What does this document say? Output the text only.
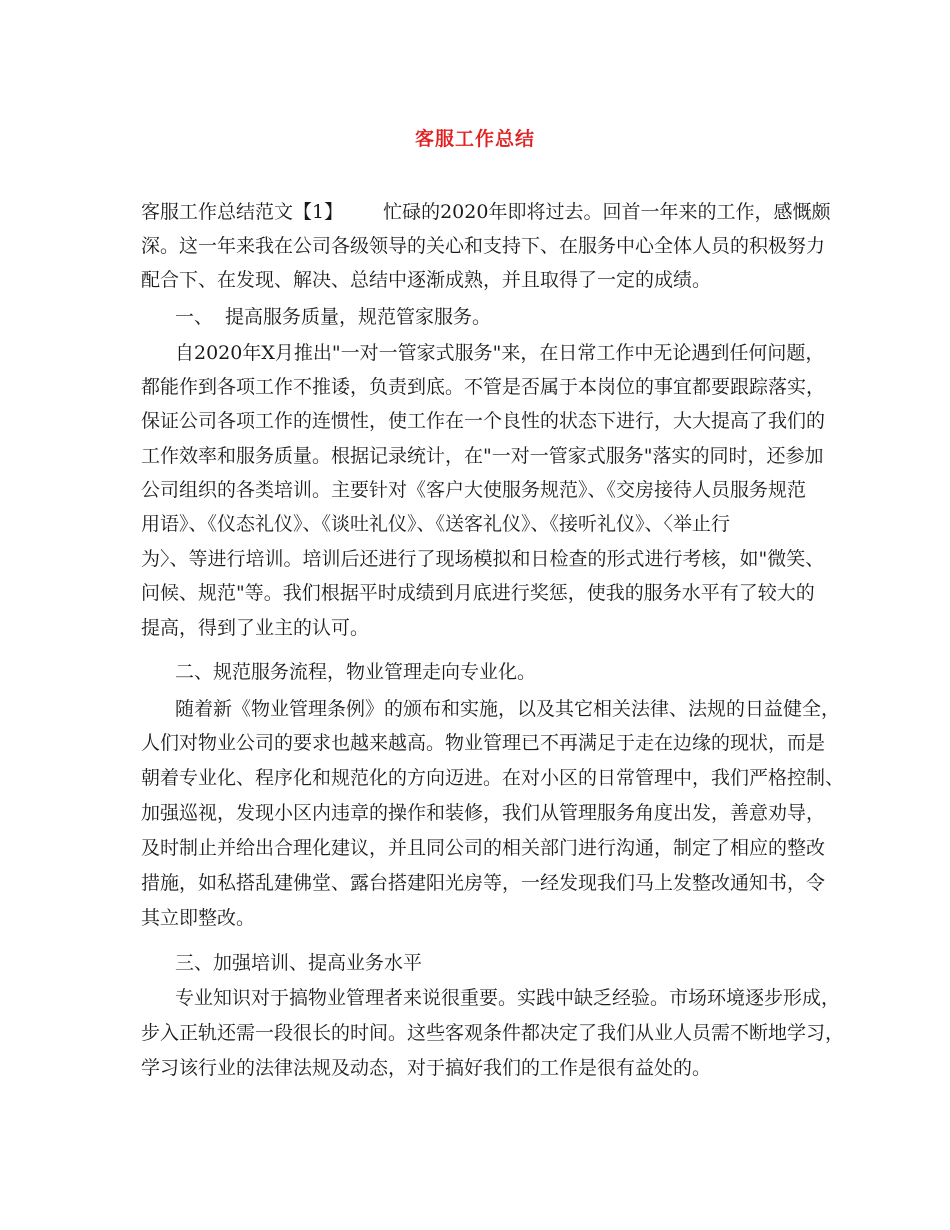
客服工作总结
客服工作总结范文【1】 忙碌的2020年即将过去。回首一年来的工作，感慨颇
深。这一年来我在公司各级领导的关心和支持下、在服务中心全体人员的积极努力
配合下、在发现、解决、总结中逐渐成熟，并且取得了一定的成绩。
一、 提高服务质量，规范管家服务。
自2020年X月推出"一对一管家式服务"来，在日常工作中无论遇到任何问题，
都能作到各项工作不推诿，负责到底。不管是否属于本岗位的事宜都要跟踪落实，
保证公司各项工作的连惯性，使工作在一个良性的状态下进行，大大提高了我们的
工作效率和服务质量。根据记录统计，在"一对一管家式服务"落实的同时，还参加
公司组织的各类培训。主要针对《客户大使服务规范》、《交房接待人员服务规范
用语》、《仪态礼仪》、《谈吐礼仪》、《送客礼仪》、《接听礼仪》、〈举止行
为〉、等进行培训。培训后还进行了现场模拟和日检查的形式进行考核，如"微笑、
问候、规范"等。我们根据平时成绩到月底进行奖惩，使我的服务水平有了较大的
提高，得到了业主的认可。
二、规范服务流程，物业管理走向专业化。
随着新《物业管理条例》的颁布和实施，以及其它相关法律、法规的日益健全，
人们对物业公司的要求也越来越高。物业管理已不再满足于走在边缘的现状，而是
朝着专业化、程序化和规范化的方向迈进。在对小区的日常管理中，我们严格控制、
加强巡视，发现小区内违章的操作和装修，我们从管理服务角度出发，善意劝导，
及时制止并给出合理化建议，并且同公司的相关部门进行沟通，制定了相应的整改
措施，如私搭乱建佛堂、露台搭建阳光房等，一经发现我们马上发整改通知书，令
其立即整改。
三、加强培训、提高业务水平
专业知识对于搞物业管理者来说很重要。实践中缺乏经验。市场环境逐步形成，
步入正轨还需一段很长的时间。这些客观条件都决定了我们从业人员需不断地学习，
学习该行业的法律法规及动态，对于搞好我们的工作是很有益处的。
